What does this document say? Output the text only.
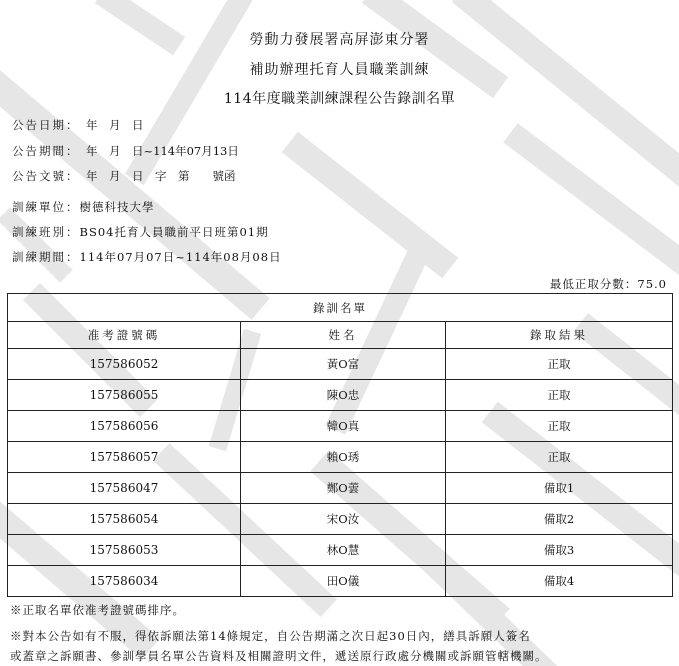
勞動力發展署高屏澎東分署
補助辦理托育人員職業訓練
114年度職業訓練課程公告錄訓名單
公告日期： 年　月　日
公告期間： 年　月　日~114年07月13日
公告文號： 年　月　日　字　第　　號函
訓練單位：樹德科技大學
訓練班別：BS04托育人員職前平日班第01期
訓練期間：114年07月07日~114年08月08日
最低正取分數：75.0
錄訓名單		
准考證號碼	姓名	錄取結果
157586052	黃O富	正取
157586055	陳O忠	正取
157586056	韓O真	正取
157586057	賴O琇	正取
157586047	鄭O蕓	備取1
157586054	宋O汝	備取2
157586053	林O慧	備取3
157586034	田O儀	備取4
※正取名單依准考證號碼排序。
※對本公告如有不服，得依訴願法第14條規定，自公告期滿之次日起30日內，繕具訴願人簽名
或蓋章之訴願書、參訓學員名單公告資料及相關證明文件，遞送原行政處分機關或訴願管轄機關。
